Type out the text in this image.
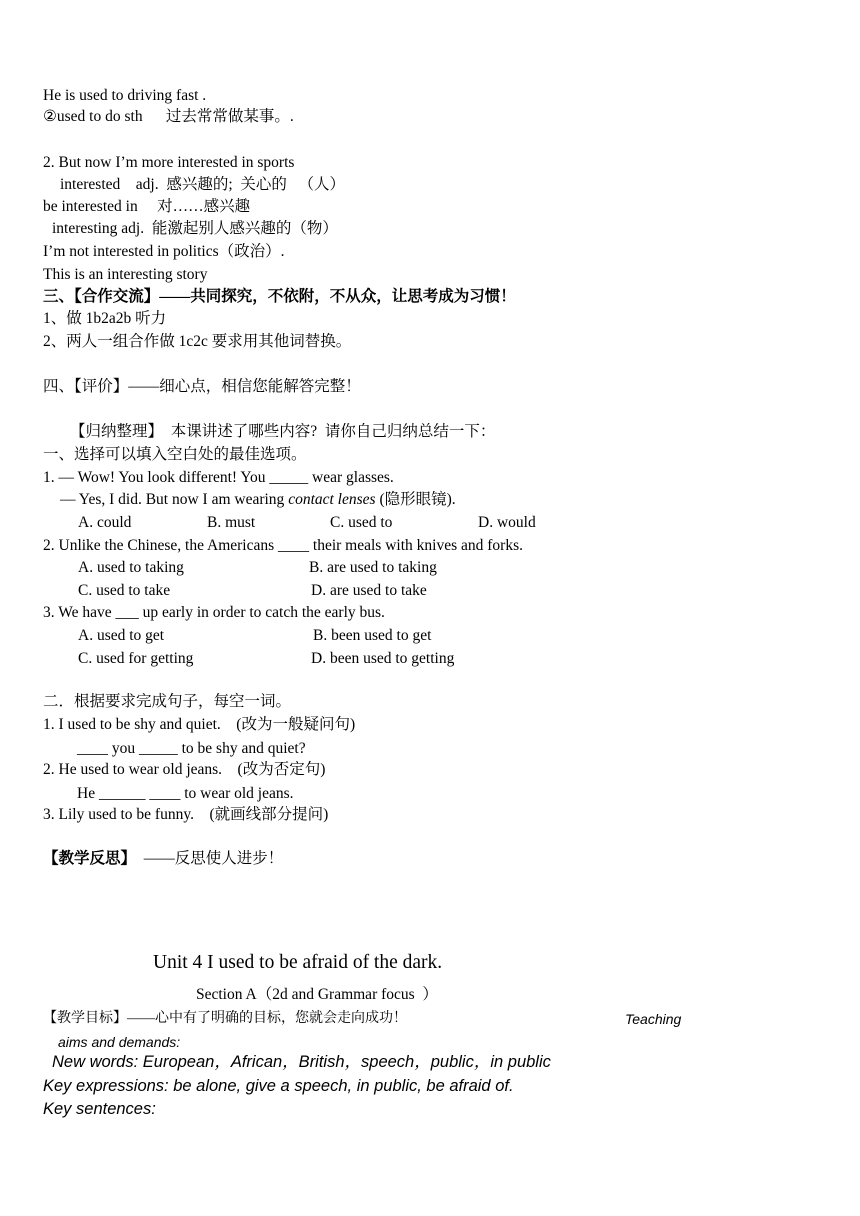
He is used to driving fast .
②used to do sth      过去常常做某事。.
2. But now I’m more interested in sports
interested    adj.  感兴趣的;  关心的   （人）
be interested in     对……感兴趣
interesting adj.  能激起别人感兴趣的（物）
I’m not interested in politics（政治）.
This is an interesting story
三、【合作交流】——共同探究，不依附，不从众，让思考成为习惯！
1、做 1b2a2b 听力
2、两人一组合作做 1c2c 要求用其他词替换。
四、【评价】——细心点，相信您能解答完整！
【归纳整理】  本课讲述了哪些内容?  请你自己归纳总结一下：
一、选择可以填入空白处的最佳选项。
1. — Wow! You look different! You _____ wear glasses.
— Yes, I did. But now I am wearing contact lenses (隐形眼镜).
A. could	B. must	C. used to	D. would
2. Unlike the Chinese, the Americans ____ their meals with knives and forks.
A. used to taking	B. are used to taking
C. used to take	D. are used to take
3. We have ___ up early in order to catch the early bus.
A. used to get	B. been used to get
C. used for getting	D. been used to getting
二．根据要求完成句子，每空一词。
1. I used to be shy and quiet.    (改为一般疑问句)
____ you _____ to be shy and quiet?
2. He used to wear old jeans.    (改为否定句)
He ______ ____ to wear old jeans.
3. Lily used to be funny.    (就画线部分提问)
【教学反思】 ——反思使人进步！
Unit 4 I used to be afraid of the dark.
Section A（2d and Grammar focus  ）
【教学目标】——心中有了明确的目标，您就会走向成功！	Teaching
aims and demands:
New words: European，African，British，speech，public，in public
Key expressions: be alone, give a speech, in public, be afraid of.
Key sentences:
